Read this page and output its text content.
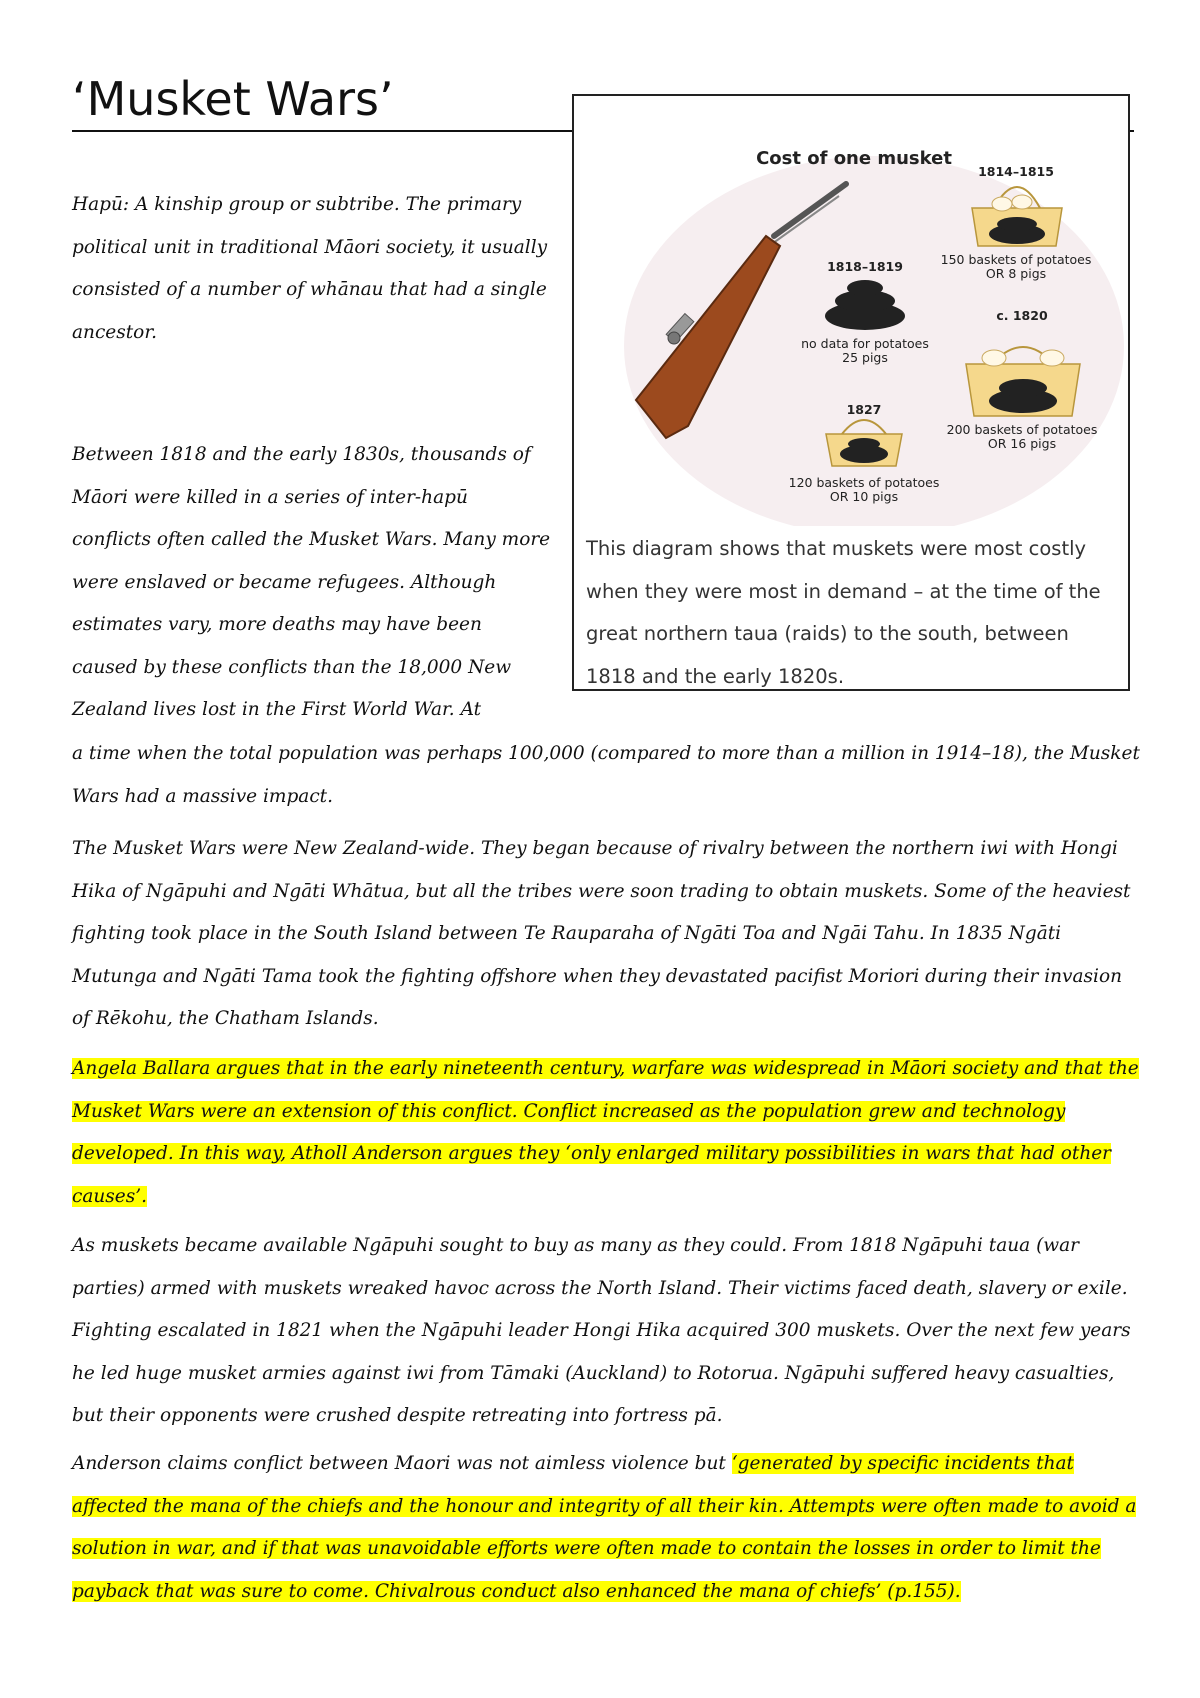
‘Musket Wars’

Hapū: A kinship group or subtribe. The primary political unit in traditional Māori society, it usually consisted of a number of whānau that had a single ancestor.

Between 1818 and the early 1830s, thousands of Māori were killed in a series of inter-hapū conflicts often called the Musket Wars. Many more were enslaved or became refugees. Although estimates vary, more deaths may have been caused by these conflicts than the 18,000 New Zealand lives lost in the First World War. At

a time when the total population was perhaps 100,000 (compared to more than a million in 1914–18), the Musket Wars had a massive impact.

The Musket Wars were New Zealand-wide. They began because of rivalry between the northern iwi with Hongi Hika of Ngāpuhi and Ngāti Whātua, but all the tribes were soon trading to obtain muskets. Some of the heaviest fighting took place in the South Island between Te Rauparaha of Ngāti Toa and Ngāi Tahu. In 1835 Ngāti Mutunga and Ngāti Tama took the fighting offshore when they devastated pacifist Moriori during their invasion of Rēkohu, the Chatham Islands.

Angela Ballara argues that in the early nineteenth century, warfare was widespread in Māori society and that the Musket Wars were an extension of this conflict. Conflict increased as the population grew and technology developed. In this way, Atholl Anderson argues they ‘only enlarged military possibilities in wars that had other causes’.

As muskets became available Ngāpuhi sought to buy as many as they could. From 1818 Ngāpuhi taua (war parties) armed with muskets wreaked havoc across the North Island. Their victims faced death, slavery or exile. Fighting escalated in 1821 when the Ngāpuhi leader Hongi Hika acquired 300 muskets. Over the next few years he led huge musket armies against iwi from Tāmaki (Auckland) to Rotorua. Ngāpuhi suffered heavy casualties, but their opponents were crushed despite retreating into fortress pā.

Anderson claims conflict between Maori was not aimless violence but ‘generated by specific incidents that affected the mana of the chiefs and the honour and integrity of all their kin. Attempts were often made to avoid a solution in war, and if that was unavoidable efforts were often made to contain the losses in order to limit the payback that was sure to come. Chivalrous conduct also enhanced the mana of chiefs’ (p.155).

Cost of one musket
1814–1815
150 baskets of potatoes
OR 8 pigs
1818–1819
no data for potatoes
25 pigs
c. 1820
200 baskets of potatoes
OR 16 pigs
1827
120 baskets of potatoes
OR 10 pigs

This diagram shows that muskets were most costly when they were most in demand – at the time of the great northern taua (raids) to the south, between 1818 and the early 1820s.
